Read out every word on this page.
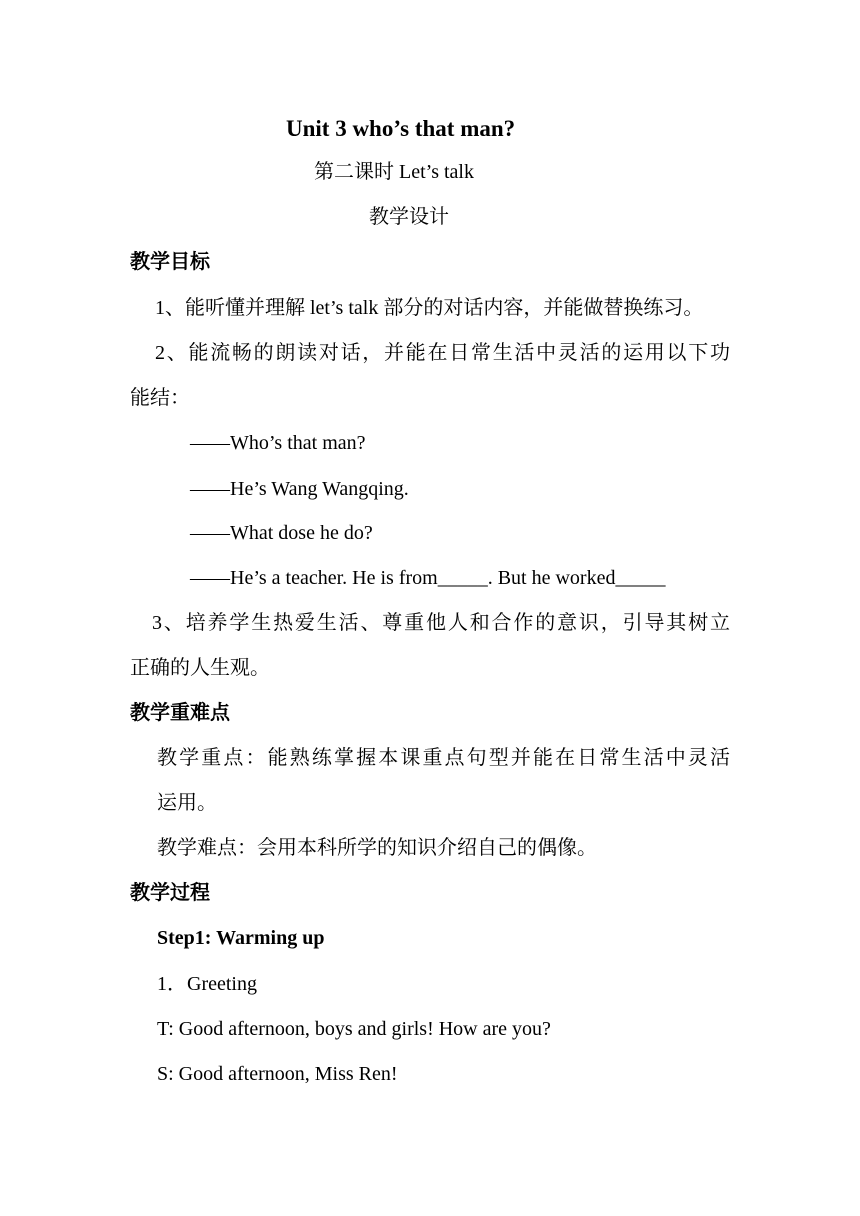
Unit 3 who’s that man?
第二课时 Let’s talk
教学设计
教学目标
1、能听懂并理解 let’s talk 部分的对话内容，并能做替换练习。
2、能流畅的朗读对话，并能在日常生活中灵活的运用以下功
能结：
——Who’s that man?
——He’s Wang Wangqing.
——What dose he do?
——He’s a teacher. He is from_____. But he worked_____
3、培养学生热爱生活、尊重他人和合作的意识，引导其树立
正确的人生观。
教学重难点
教学重点：能熟练掌握本课重点句型并能在日常生活中灵活
运用。
教学难点：会用本科所学的知识介绍自己的偶像。
教学过程
Step1: Warming up
1．Greeting
T: Good afternoon, boys and girls! How are you?
S: Good afternoon, Miss Ren!
